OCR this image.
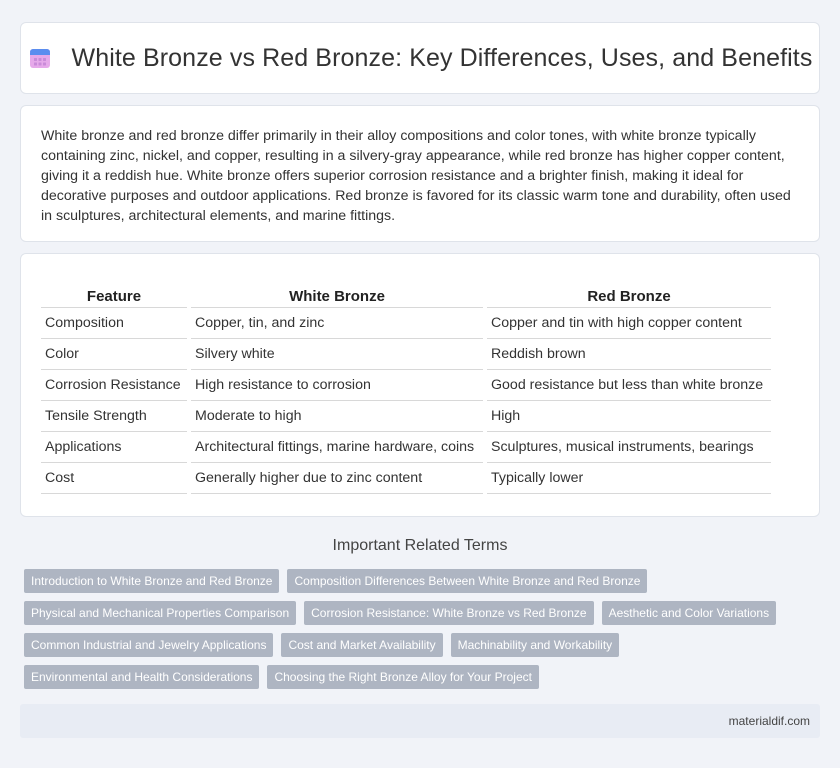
White Bronze vs Red Bronze: Key Differences, Uses, and Benefits

White bronze and red bronze differ primarily in their alloy compositions and color tones, with white bronze typically containing zinc, nickel, and copper, resulting in a silvery-gray appearance, while red bronze has higher copper content, giving it a reddish hue. White bronze offers superior corrosion resistance and a brighter finish, making it ideal for decorative purposes and outdoor applications. Red bronze is favored for its classic warm tone and durability, often used in sculptures, architectural elements, and marine fittings.

Feature	White Bronze	Red Bronze
Composition	Copper, tin, and zinc	Copper and tin with high copper content
Color	Silvery white	Reddish brown
Corrosion Resistance	High resistance to corrosion	Good resistance but less than white bronze
Tensile Strength	Moderate to high	High
Applications	Architectural fittings, marine hardware, coins	Sculptures, musical instruments, bearings
Cost	Generally higher due to zinc content	Typically lower
Important Related Terms
Introduction to White Bronze and Red Bronze	Composition Differences Between White Bronze and Red Bronze
Physical and Mechanical Properties Comparison	Corrosion Resistance: White Bronze vs Red Bronze	Aesthetic and Color Variations
Common Industrial and Jewelry Applications	Cost and Market Availability	Machinability and Workability
Environmental and Health Considerations	Choosing the Right Bronze Alloy for Your Project
materialdif.com
